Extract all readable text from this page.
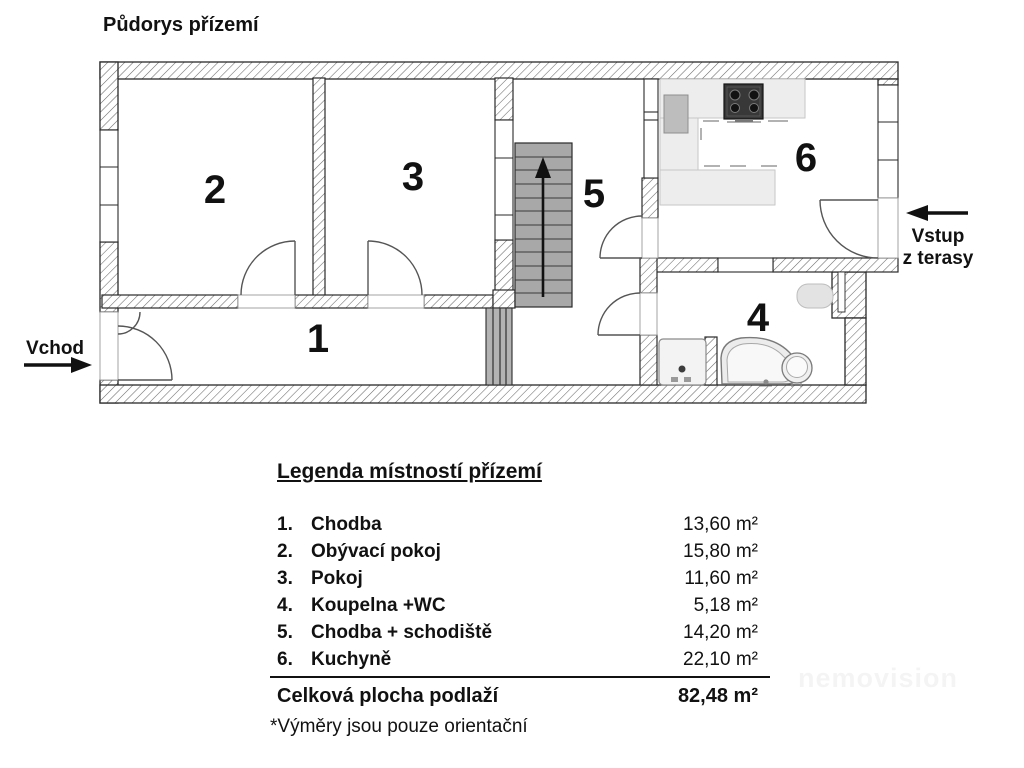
Půdorys přízemí
1
2	3
4
5
6
Vchod
Vstup
z terasy
Legenda místností přízemí
1. Chodba	13,60 m²
2. Obývací pokoj	15,80 m²
3. Pokoj	11,60 m²
4. Koupelna +WC	5,18 m²
5. Chodba + schodiště	14,20 m²
6. Kuchyně	22,10 m²
Celková plocha podlaží	82,48 m²
*Výměry jsou pouze orientační
